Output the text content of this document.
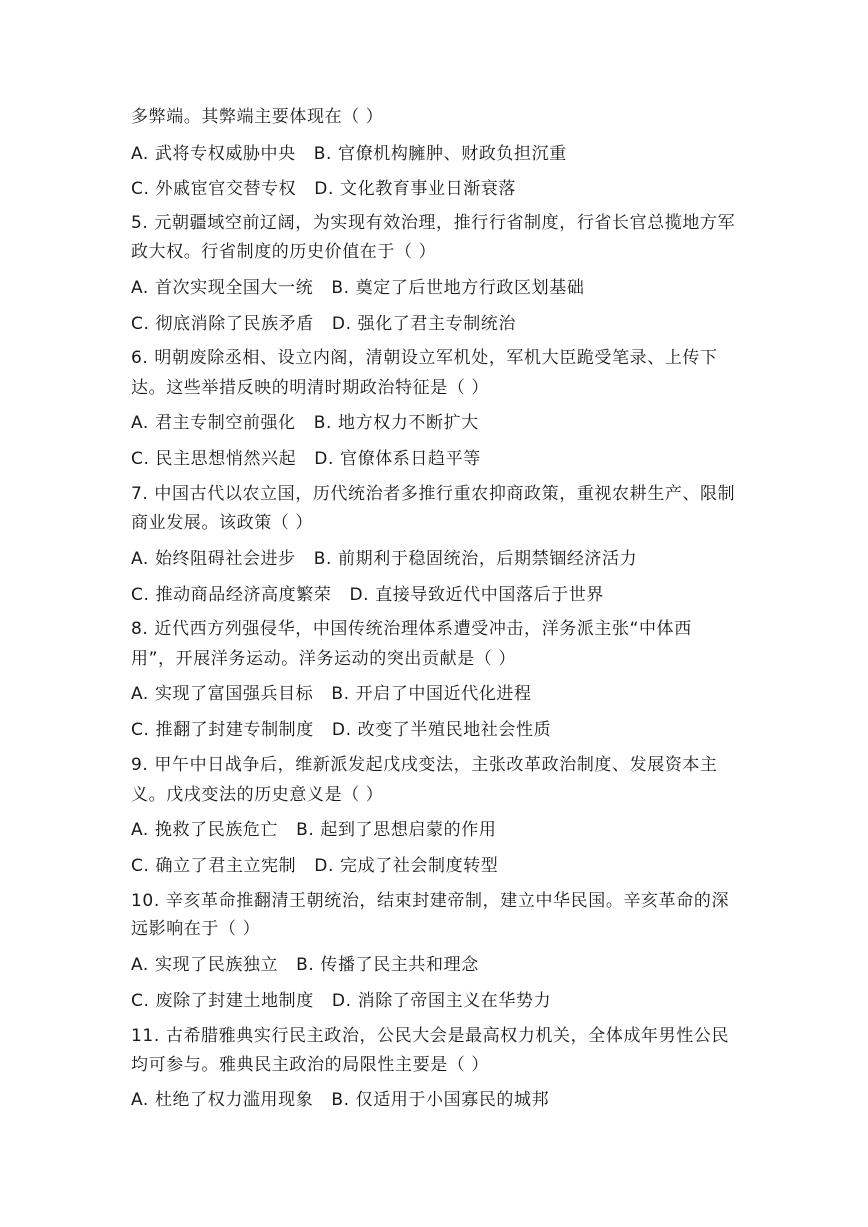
多弊端。其弊端主要体现在（ ）
A. 武将专权威胁中央 B. 官僚机构臃肿、财政负担沉重
C. 外戚宦官交替专权 D. 文化教育事业日渐衰落
5. 元朝疆域空前辽阔，为实现有效治理，推行行省制度，行省长官总揽地方军
政大权。行省制度的历史价值在于（ ）
A. 首次实现全国大一统 B. 奠定了后世地方行政区划基础
C. 彻底消除了民族矛盾 D. 强化了君主专制统治
6. 明朝废除丞相、设立内阁，清朝设立军机处，军机大臣跪受笔录、上传下
达。这些举措反映的明清时期政治特征是（ ）
A. 君主专制空前强化 B. 地方权力不断扩大
C. 民主思想悄然兴起 D. 官僚体系日趋平等
7. 中国古代以农立国，历代统治者多推行重农抑商政策，重视农耕生产、限制
商业发展。该政策（ ）
A. 始终阻碍社会进步 B. 前期利于稳固统治，后期禁锢经济活力
C. 推动商品经济高度繁荣 D. 直接导致近代中国落后于世界
8. 近代西方列强侵华，中国传统治理体系遭受冲击，洋务派主张“中体西
用”，开展洋务运动。洋务运动的突出贡献是（ ）
A. 实现了富国强兵目标 B. 开启了中国近代化进程
C. 推翻了封建专制制度 D. 改变了半殖民地社会性质
9. 甲午中日战争后，维新派发起戊戌变法，主张改革政治制度、发展资本主
义。戊戌变法的历史意义是（ ）
A. 挽救了民族危亡 B. 起到了思想启蒙的作用
C. 确立了君主立宪制 D. 完成了社会制度转型
10. 辛亥革命推翻清王朝统治，结束封建帝制，建立中华民国。辛亥革命的深
远影响在于（ ）
A. 实现了民族独立 B. 传播了民主共和理念
C. 废除了封建土地制度 D. 消除了帝国主义在华势力
11. 古希腊雅典实行民主政治，公民大会是最高权力机关，全体成年男性公民
均可参与。雅典民主政治的局限性主要是（ ）
A. 杜绝了权力滥用现象 B. 仅适用于小国寡民的城邦
